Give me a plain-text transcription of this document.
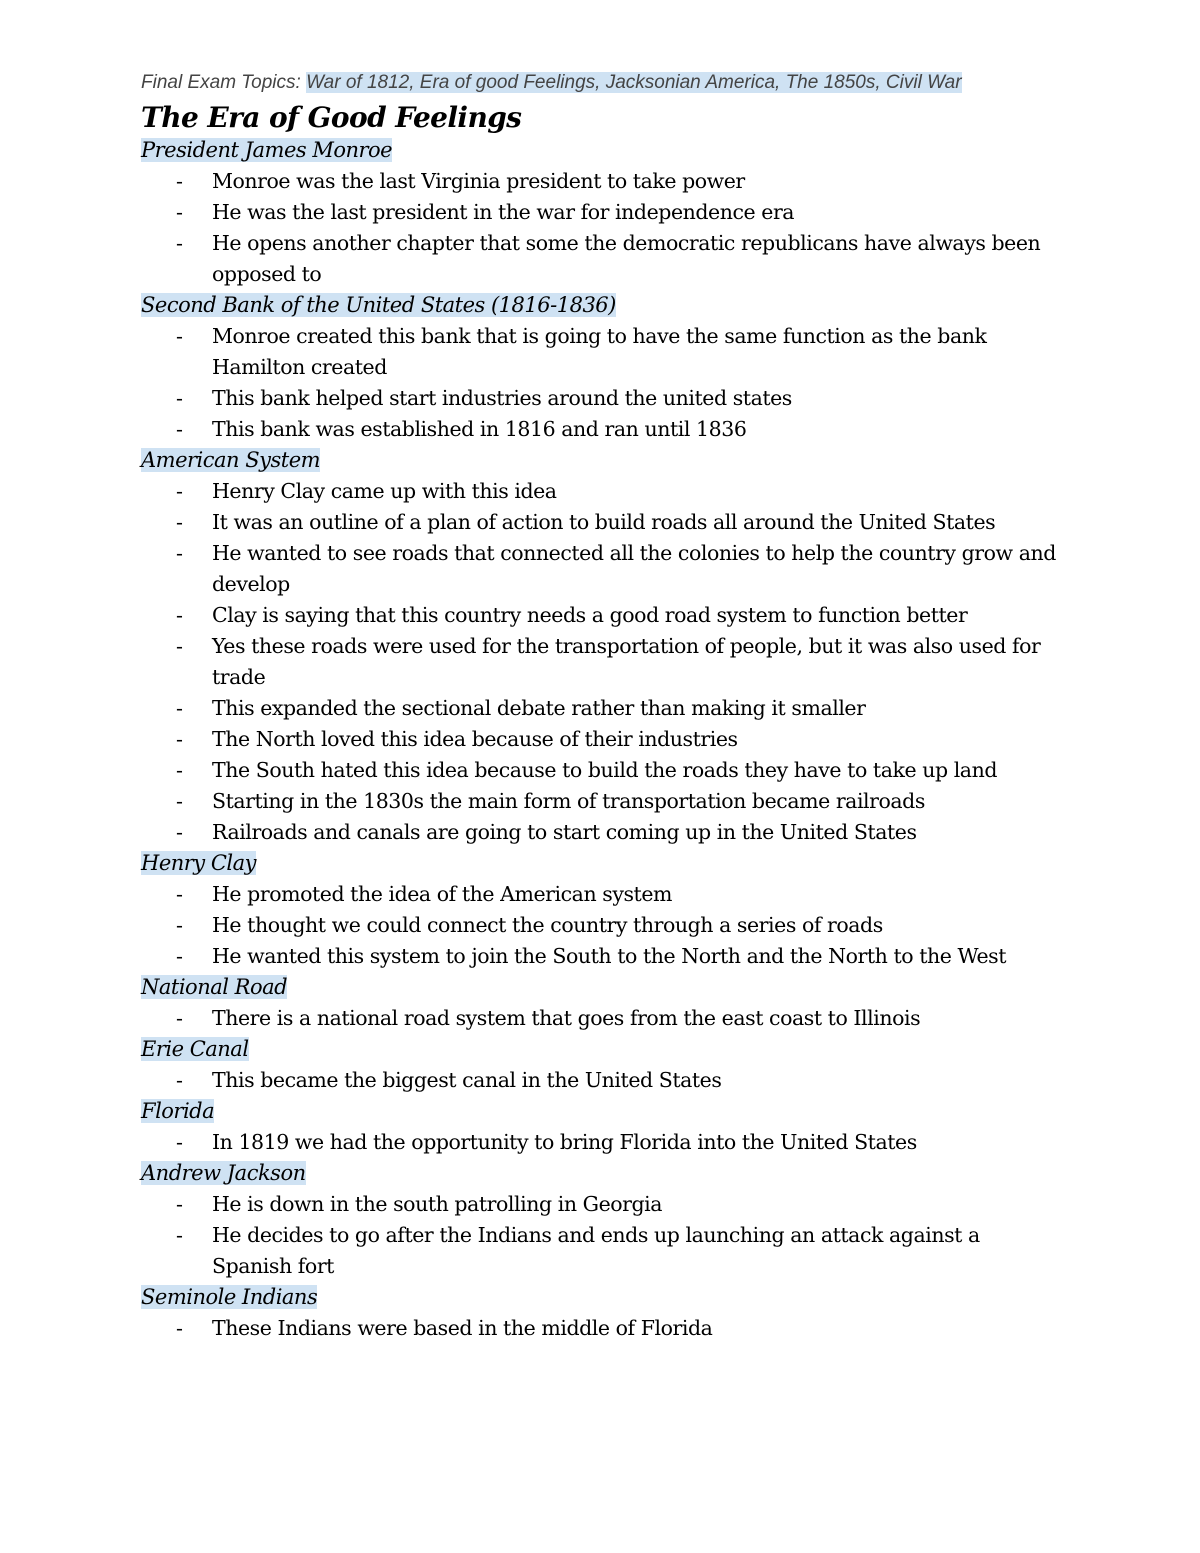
Final Exam Topics: War of 1812, Era of good Feelings, Jacksonian America, The 1850s, Civil War
The Era of Good Feelings
President James Monroe
- Monroe was the last Virginia president to take power
- He was the last president in the war for independence era
- He opens another chapter that some the democratic republicans have always been opposed to
Second Bank of the United States (1816-1836)
- Monroe created this bank that is going to have the same function as the bank Hamilton created
- This bank helped start industries around the united states
- This bank was established in 1816 and ran until 1836
American System
- Henry Clay came up with this idea
- It was an outline of a plan of action to build roads all around the United States
- He wanted to see roads that connected all the colonies to help the country grow and develop
- Clay is saying that this country needs a good road system to function better
- Yes these roads were used for the transportation of people, but it was also used for trade
- This expanded the sectional debate rather than making it smaller
- The North loved this idea because of their industries
- The South hated this idea because to build the roads they have to take up land
- Starting in the 1830s the main form of transportation became railroads
- Railroads and canals are going to start coming up in the United States
Henry Clay
- He promoted the idea of the American system
- He thought we could connect the country through a series of roads
- He wanted this system to join the South to the North and the North to the West
National Road
- There is a national road system that goes from the east coast to Illinois
Erie Canal
- This became the biggest canal in the United States
Florida
- In 1819 we had the opportunity to bring Florida into the United States
Andrew Jackson
- He is down in the south patrolling in Georgia
- He decides to go after the Indians and ends up launching an attack against a Spanish fort
Seminole Indians
- These Indians were based in the middle of Florida
